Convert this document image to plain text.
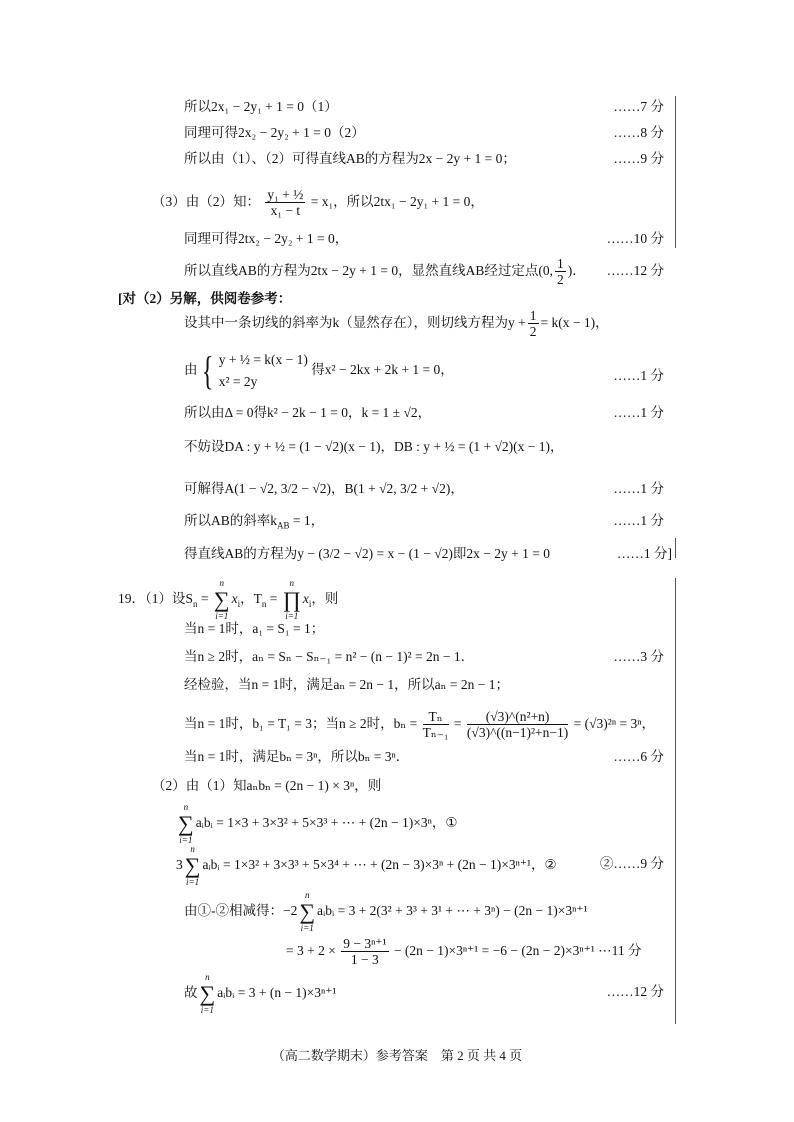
所以2x₁ − 2y₁ + 1 = 0（1）	……7 分
同理可得2x₂ − 2y₂ + 1 = 0（2）	……8 分
所以由（1）、（2）可得直线AB的方程为2x − 2y + 1 = 0；	……9 分
（3）由（2）知： $\frac{\text{y₁ + ½}}{\text{x₁ − t}} = x_1$，所以2tx₁ − 2y₁ + 1 = 0，
同理可得2tx₂ − 2y₂ + 1 = 0，	……10 分
所以直线AB的方程为2tx − 2y + 1 = 0，显然直线AB经过定点(0, $\frac{1}{2}$ )． ……12 分
[对（2）另解，供阅卷参考：
设其中一条切线的斜率为k（显然存在），则切线方程为$y + \frac{1}{2} = k(x - 1)$，
由{ y + ½ = k(x − 1)
x² = 2y
得x² − 2kx + 2k + 1 = 0，	……1 分
所以由Δ = 0得k² − 2k − 1 = 0，k = 1 ± √2，	……1 分
不妨设DA : y + ½ = (1 − √2)(x − 1)，DB : y + ½ = (1 + √2)(x − 1)，
可解得A(1 − √2, 3/2 − √2)，B(1 + √2, 3/2 + √2)，	……1 分
所以AB的斜率$k_{AB} = 1$，	……1 分
得直线AB的方程为y − (3/2 − √2) = x − (1 − √2)即2x − 2y + 1 = 0	……1 分]
19．（1）设$S_n$ =
n
∑
i=1
$x_i$，$T_n$ =
n
∏
i=1
$x_i$，则
当n = 1时，a₁ = S₁ = 1；
当n ≥ 2时，aₙ = Sₙ − Sₙ₋₁ = n² − (n − 1)² = 2n − 1．	……3 分
经检验，当n = 1时，满足aₙ = 2n − 1，所以aₙ = 2n − 1；
当n = 1时，b₁ = T₁ = 3；当n ≥ 2时，$b_n = \frac{\text{Tₙ}}{\text{Tₙ₋₁}} = \frac{\text{(√3)\textasciicircum{}(n²+n)}}{\text{(√3)\textasciicircum{}((n−1)²+n−1)}} = (√3)^{2n} = 3^n$，
当n = 1时，满足bₙ = 3ⁿ，所以bₙ = 3ⁿ．	……6 分
（2）由（1）知aₙbₙ = (2n − 1) × 3ⁿ，则
n
∑
i=1
aᵢbᵢ = 1×3 + 3×3² + 5×3³ + ⋯ + (2n − 1)×3ⁿ，①
3
n
∑
i=1
aᵢbᵢ = 1×3² + 3×3³ + 5×3⁴ + ⋯ + (2n − 3)×3ⁿ + (2n − 1)×3ⁿ⁺¹，②	②……9 分
由①-②相减得：−2
n
∑
i=1
aᵢbᵢ = 3 + 2(3² + 3³ + 3¹ + ⋯ + 3ⁿ) − (2n − 1)×3ⁿ⁺¹
= $3 + 2 \times \frac{\text{9 − 3ⁿ⁺¹}}{1 - 3} - (2n - 1)\times 3^{n+1} = -6 - (2n - 2)\times 3^{n+1}$ ⋯11 分
故
n
∑
i=1
aᵢbᵢ = 3 + (n − 1)×3ⁿ⁺¹	……12 分
（高二数学期末）参考答案　第 2 页 共 4 页
